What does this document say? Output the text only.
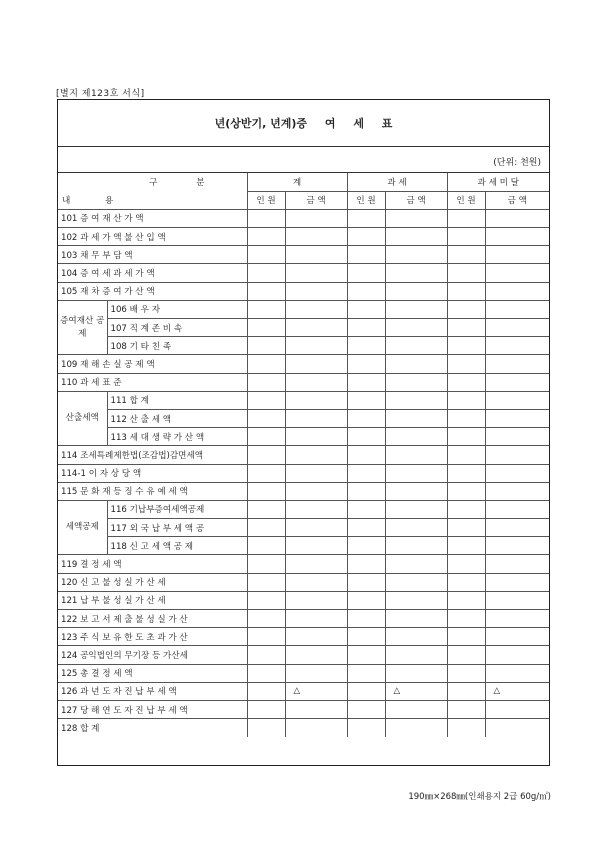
[별지 제123호 서식]
년(상반기, 년계)증 여 세 표
(단위: 천원)
구 분
내 용		계		과 세		과 세 미 달	
		인 원	금 액	인 원	금 액	인 원	금 액
101 증 여 재 산 가 액							
102 과 세 가 액 불 산 입 액							
103 채 무 부 담 액							
104 증 여 세 과 세 가 액							
105 재 차 증 여 가 산 액							
증여재산 공 제	106 배 우 자						
	107 직 계 존 비 속						
	108 기 타 친 족						
109 재 해 손 실 공 제 액							
110 과 세 표 준							
산출세액	111 합 계						
	112 산 출 세 액						
	113 세 대 생 략 가 산 액						
114 조세특례제한법(조감법)감면세액							
114-1 이 자 상 당 액							
115 문 화 재 등 징 수 유 예 세 액							
세액공제	116 기납부증여세액공제						
	117 외 국 납 부 세 액 공						
	118 신 고 세 액 공 제						
119 결 정 세 액							
120 신 고 불 성 실 가 산 세							
121 납 부 불 성 실 가 산 세							
122 보 고 서 제 출 불 성 실 가 산							
123 주 식 보 유 한 도 초 과 가 산							
124 공익법인의 무기장 등 가산세							
125 총 결 정 세 액							
126 과 년 도 자 진 납 부 세 액			△		△		△
127 당 해 연 도 자 진 납 부 세 액							
128 합 계							
190㎜×268㎜(인쇄용지 2급 60g/㎡)
